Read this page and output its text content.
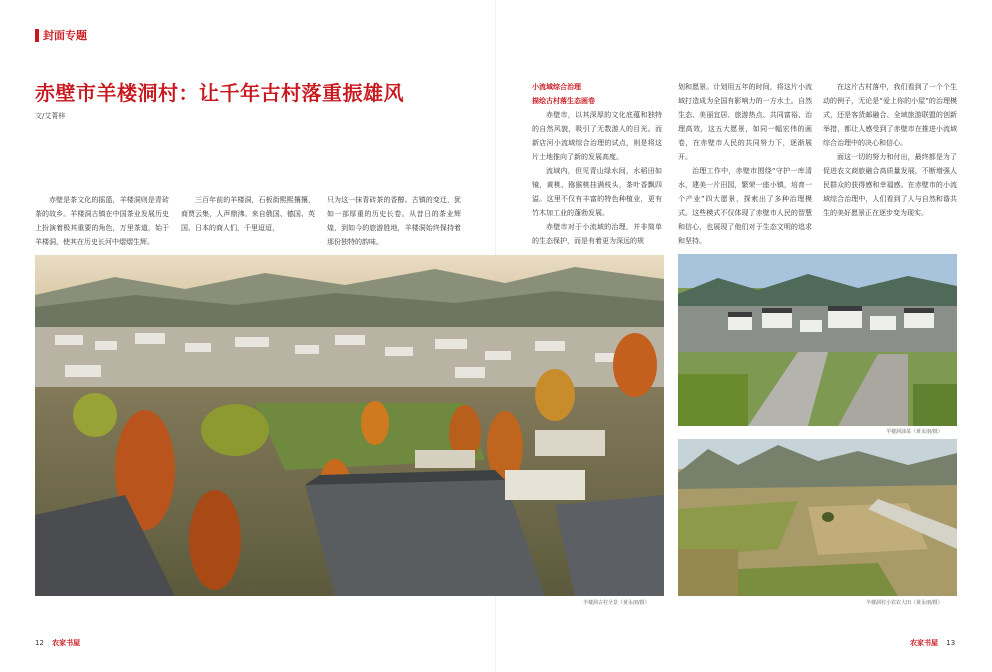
封面专题
赤壁市羊楼洞村：让千年古村落重振雄风
文/艾菁梓

赤壁是茶文化的摇篮，羊楼洞则是青砖茶的故乡。羊楼洞古镇在中国茶业发展历史上扮演着极其重要的角色，万里茶道，始于羊楼洞，使其在历史长河中熠熠生辉。

三百年前的羊楼洞，石板街熙熙攘攘，商贾云集，人声鼎沸。来自俄国、德国、英国、日本的商人们，千里迢迢，

只为这一抹青砖茶的香醇。古镇的变迁，犹如一部厚重的历史长卷。从昔日的茶业辉煌，到如今的旅游胜地，羊楼洞始终保持着那份独特的韵味。

小流域综合治理

描绘古村落生态画卷

赤壁市，以其深厚的文化底蕴和独特的自然风貌，吸引了无数游人的目光。而新店河小流域综合治理的试点，则是将这片土地推向了新的发展高度。

流域内，但见青山绿水间，水稻田如镜，黄桃、猕猴桃挂满枝头，茶叶香飘四溢。这里不仅有丰富的特色种植业，更有竹木加工业的蓬勃发展。

赤壁市对于小流域的治理，并非简单的生态保护，而是有着更为深远的规

划和愿景。计划用五年的时间，将这片小流域打造成为全国有影响力的一方水土。自然生态、美丽宜居、旅游热点、共同富裕、治理高效，这五大愿景，如同一幅宏伟的画卷，在赤壁市人民的共同努力下，逐渐展开。

治理工作中，赤壁市围绕“守护一库清水，建美一片田园，繁荣一座小镇，培育一个产业”四大愿景，探索出了多种治理模式。这些模式不仅体现了赤壁市人民的智慧和信心，也展现了他们对于生态文明的追求和坚持。

在这片古村落中，我们看到了一个个生动的例子，无论是“爱上你的小屋”的治理模式，还是客货邮融合、全域旅游联盟的创新举措，都让人感受到了赤壁市在推进小流域综合治理中的决心和信心。

面这一切的努力和付出，最终都是为了促进农文商旅融合高质量发展，不断增强人民群众的获得感和幸福感。在赤壁市的小流域综合治理中，人们看到了人与自然和谐共生的美好愿景正在逐步变为现实。

羊楼洞古村全景（黄永朋/摄）
羊楼洞油菜（黄永朋/摄）
羊楼洞村小农农大田（黄永朋/摄）
12 农家书屋	农家书屋 13
